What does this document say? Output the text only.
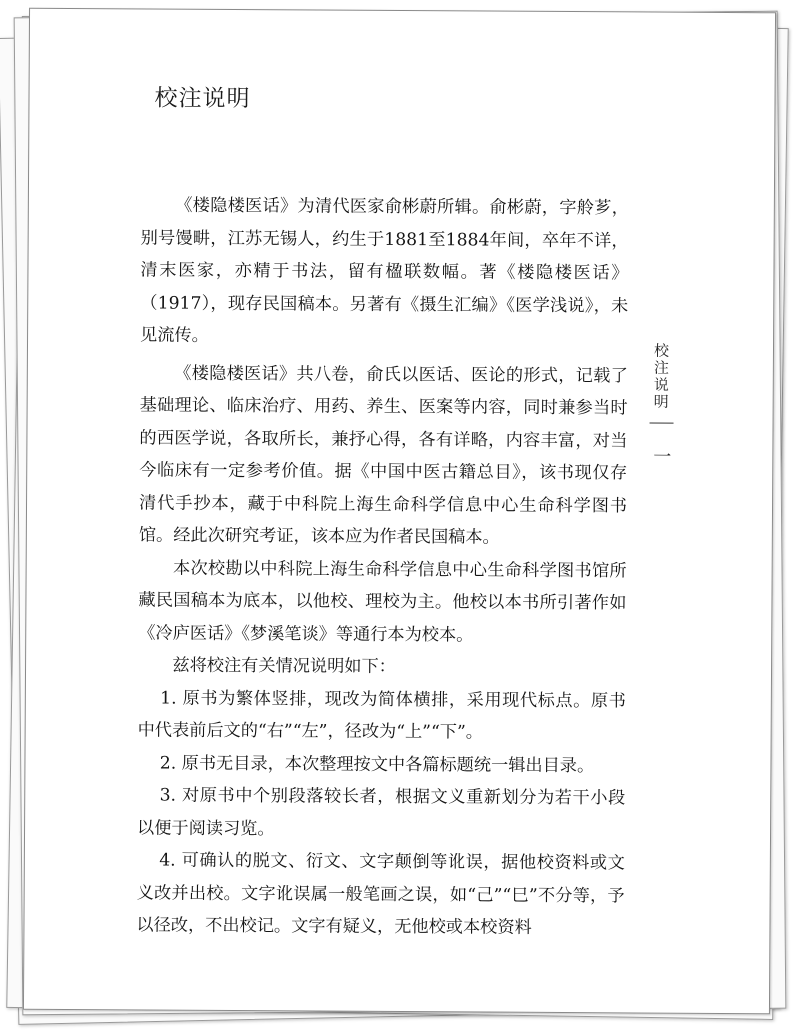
校注说明

《楼隐楼医话》为清代医家俞彬蔚所辑。俞彬蔚，字舲芗，别号馒畊，江苏无锡人，约生于1881至1884年间，卒年不详，清末医家，亦精于书法，留有楹联数幅。著《楼隐楼医话》（1917），现存民国稿本。另著有《摄生汇编》《医学浅说》，未见流传。

《楼隐楼医话》共八卷，俞氏以医话、医论的形式，记载了基础理论、临床治疗、用药、养生、医案等内容，同时兼参当时的西医学说，各取所长，兼抒心得，各有详略，内容丰富，对当今临床有一定参考价值。据《中国中医古籍总目》，该书现仅存清代手抄本，藏于中科院上海生命科学信息中心生命科学图书馆。经此次研究考证，该本应为作者民国稿本。

本次校勘以中科院上海生命科学信息中心生命科学图书馆所藏民国稿本为底本，以他校、理校为主。他校以本书所引著作如《冷庐医话》《梦溪笔谈》等通行本为校本。

兹将校注有关情况说明如下：

1. 原书为繁体竖排，现改为简体横排，采用现代标点。原书中代表前后文的“右”“左”，径改为“上”“下”。

2. 原书无目录，本次整理按文中各篇标题统一辑出目录。

3. 对原书中个别段落较长者，根据文义重新划分为若干小段以便于阅读习览。

4. 可确认的脱文、衍文、文字颠倒等讹误，据他校资料或文义改并出校。文字讹误属一般笔画之误，如“己”“巳”不分等，予以径改，不出校记。文字有疑义，无他校或本校资料

校注说明
一
